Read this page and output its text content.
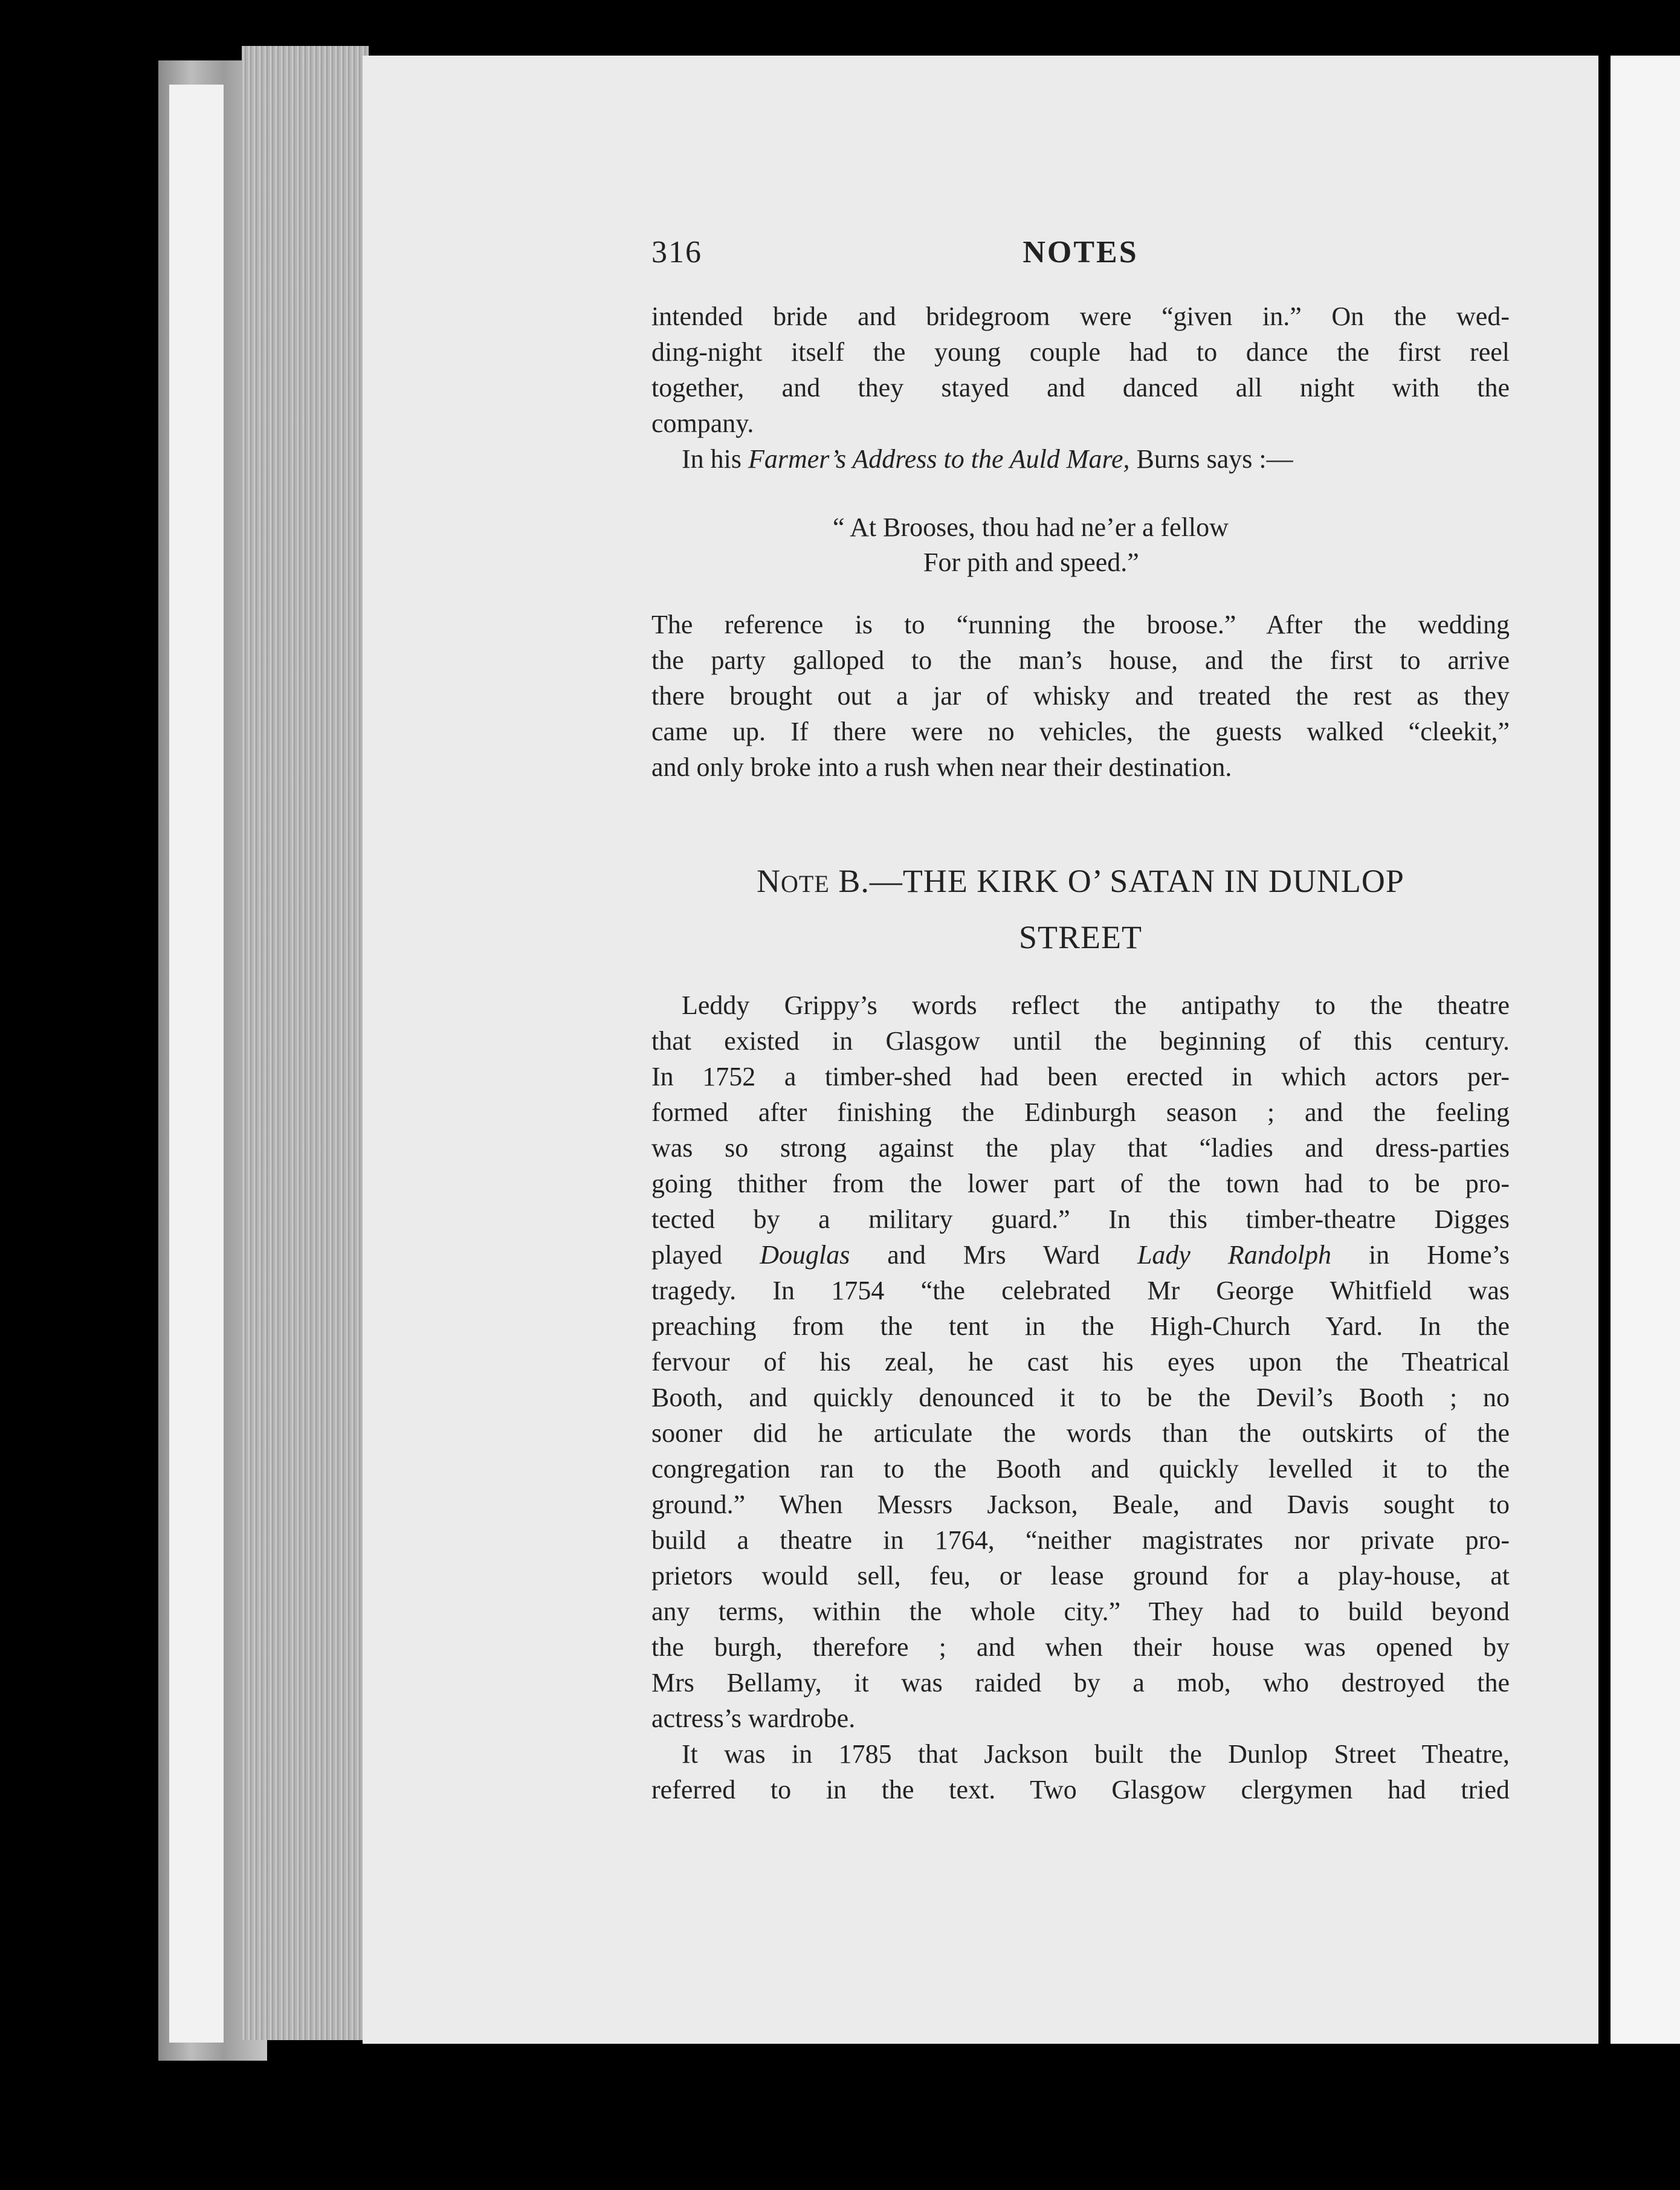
316	NOTES
intended bride and bridegroom were “given in.” On the wed-
ding-night itself the young couple had to dance the first reel
together, and they stayed and danced all night with the
company.
In his Farmer’s Address to the Auld Mare, Burns says :—
“ At Brooses, thou had ne’er a fellow
For pith and speed.”
The reference is to “running the broose.” After the wedding
the party galloped to the man’s house, and the first to arrive
there brought out a jar of whisky and treated the rest as they
came up. If there were no vehicles, the guests walked “cleekit,”
and only broke into a rush when near their destination.
NOTE B.—THE KIRK O’ SATAN IN DUNLOP
STREET
Leddy Grippy’s words reflect the antipathy to the theatre
that existed in Glasgow until the beginning of this century.
In 1752 a timber-shed had been erected in which actors per-
formed after finishing the Edinburgh season ; and the feeling
was so strong against the play that “ladies and dress-parties
going thither from the lower part of the town had to be pro-
tected by a military guard.” In this timber-theatre Digges
played Douglas and Mrs Ward Lady Randolph in Home’s
tragedy. In 1754 “the celebrated Mr George Whitfield was
preaching from the tent in the High-Church Yard. In the
fervour of his zeal, he cast his eyes upon the Theatrical
Booth, and quickly denounced it to be the Devil’s Booth ; no
sooner did he articulate the words than the outskirts of the
congregation ran to the Booth and quickly levelled it to the
ground.” When Messrs Jackson, Beale, and Davis sought to
build a theatre in 1764, “neither magistrates nor private pro-
prietors would sell, feu, or lease ground for a play-house, at
any terms, within the whole city.” They had to build beyond
the burgh, therefore ; and when their house was opened by
Mrs Bellamy, it was raided by a mob, who destroyed the
actress’s wardrobe.
It was in 1785 that Jackson built the Dunlop Street Theatre,
referred to in the text. Two Glasgow clergymen had tried
